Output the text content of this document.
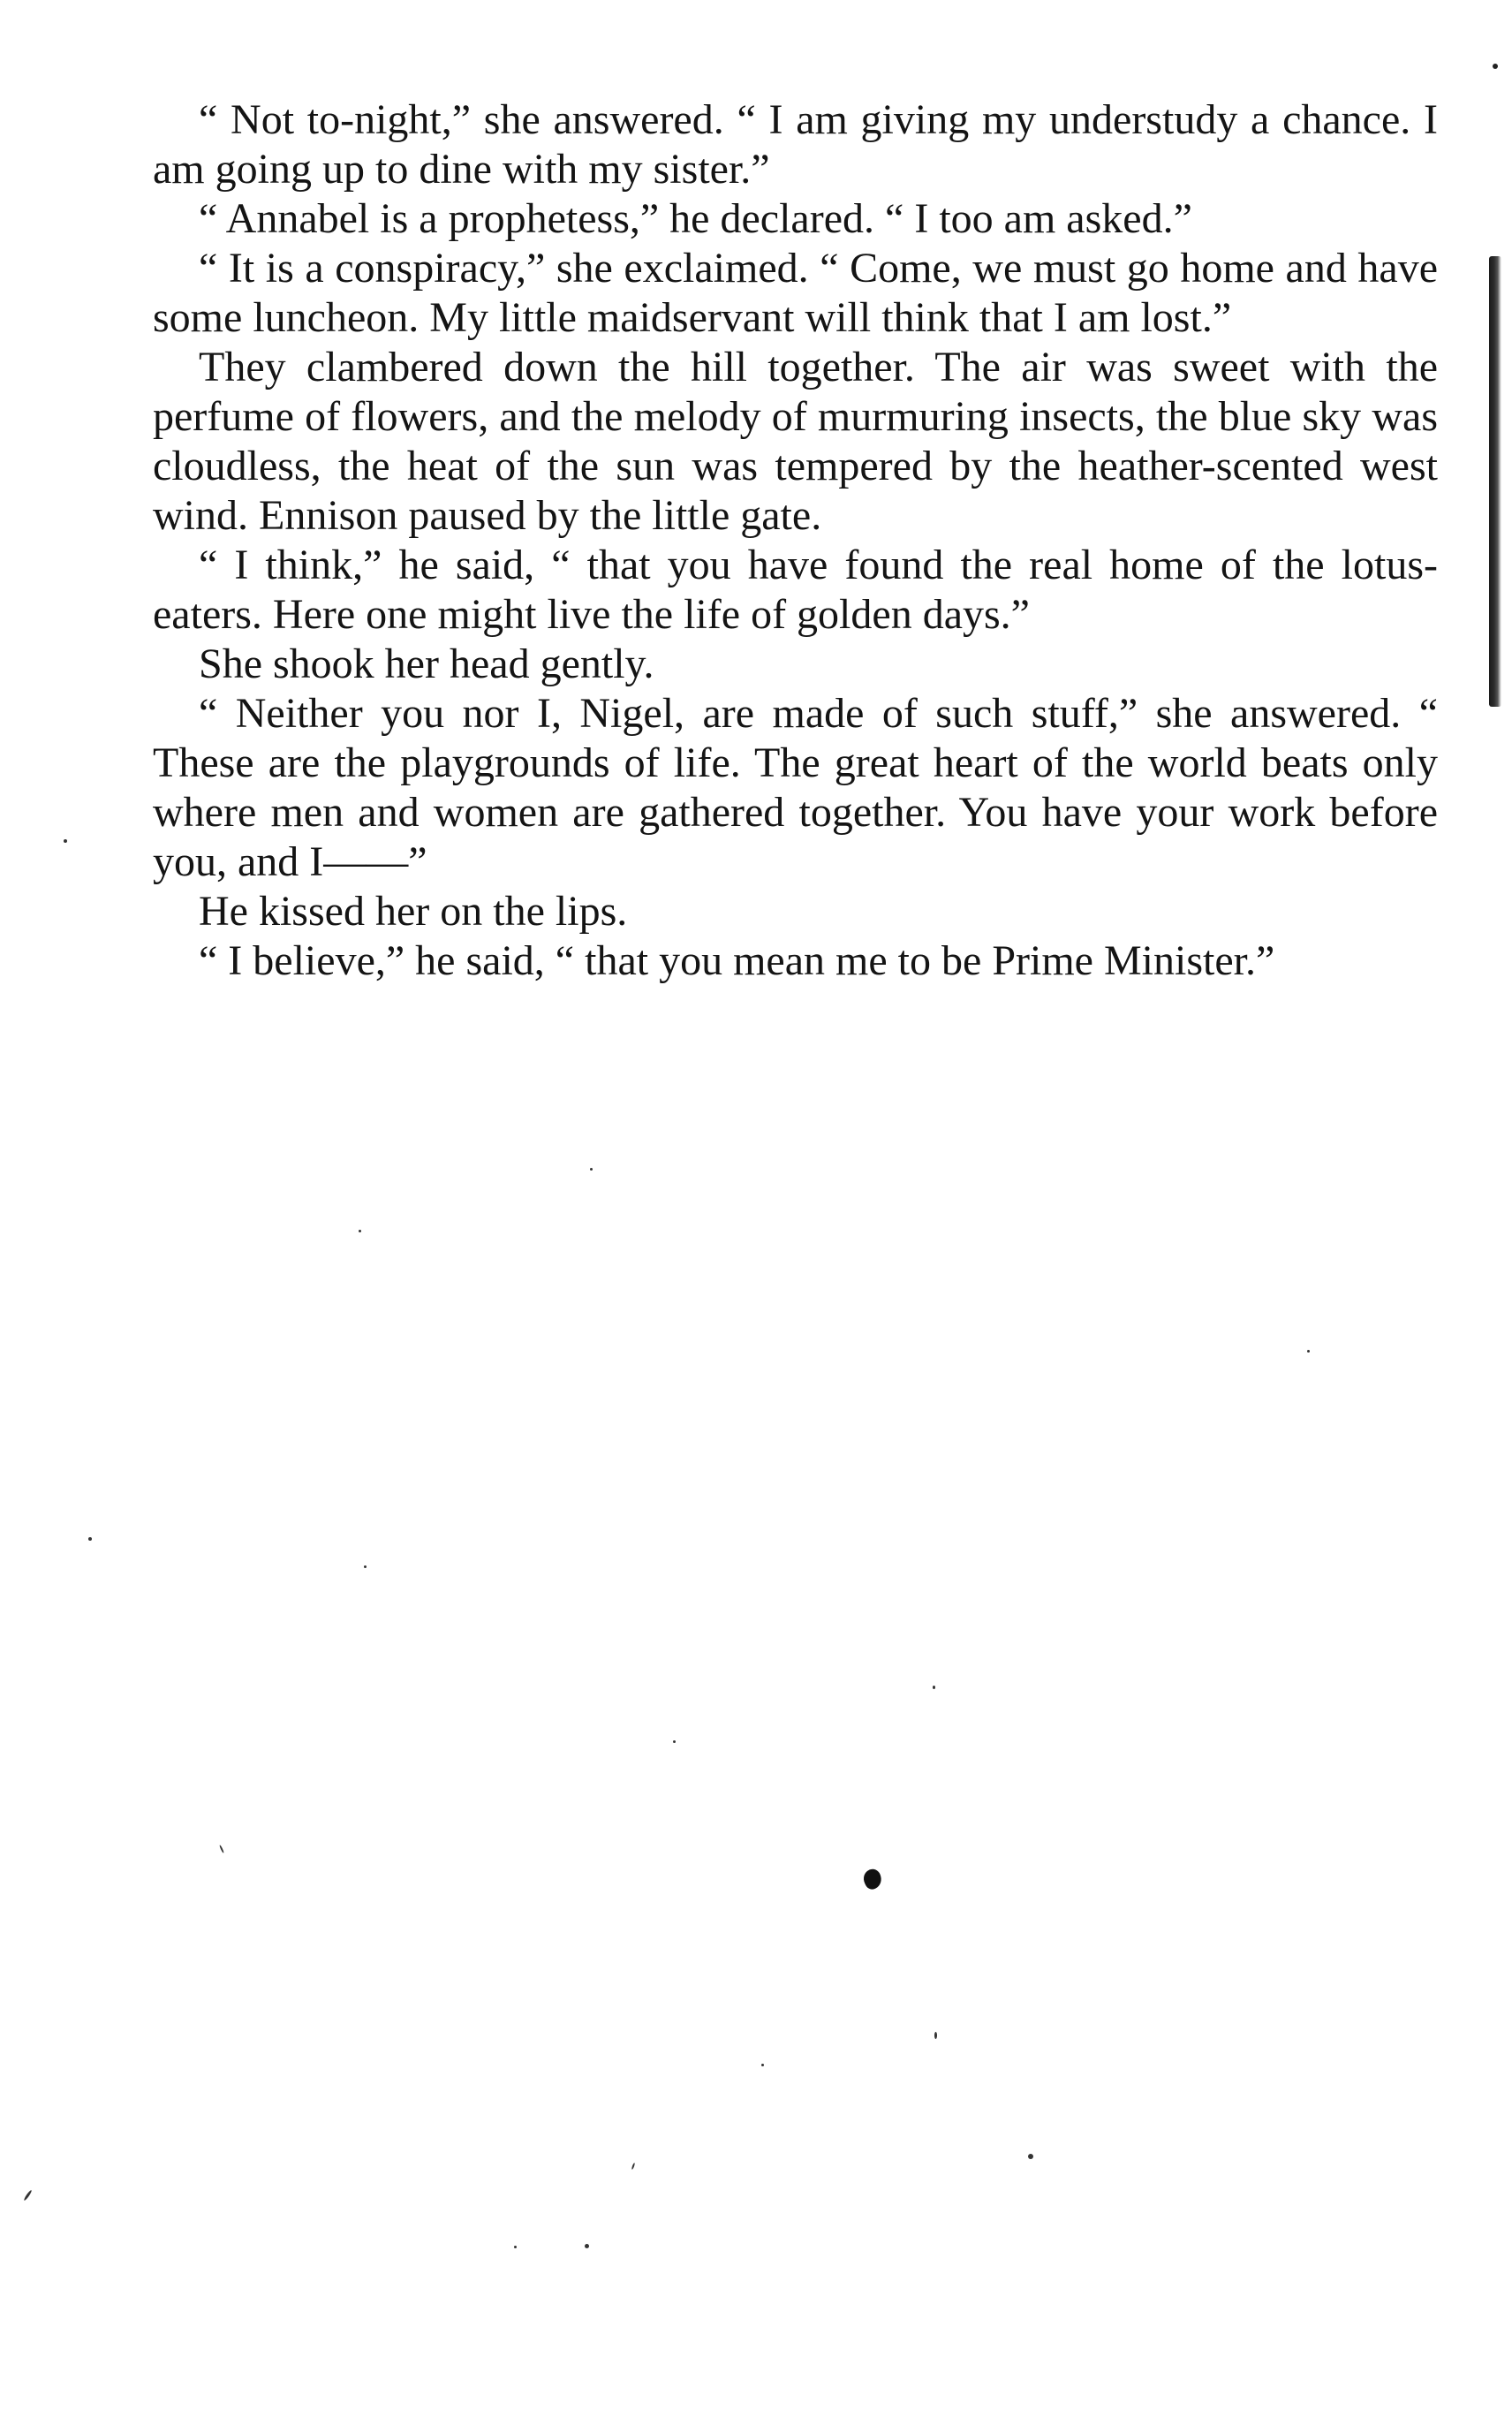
“ Not to-night,” she answered. “ I am giving my understudy a chance. I am going up to dine with my sister.”

“ Annabel is a prophetess,” he declared. “ I too am asked.”

“ It is a conspiracy,” she exclaimed. “ Come, we must go home and have some luncheon. My little maidservant will think that I am lost.”

They clambered down the hill together. The air was sweet with the perfume of flowers, and the melody of murmuring insects, the blue sky was cloudless, the heat of the sun was tempered by the heather-scented west wind. Ennison paused by the little gate.

“ I think,” he said, “ that you have found the real home of the lotus-eaters. Here one might live the life of golden days.”

She shook her head gently.

“ Neither you nor I, Nigel, are made of such stuff,” she answered. “ These are the playgrounds of life. The great heart of the world beats only where men and women are gathered together. You have your work before you, and I——”

He kissed her on the lips.

“ I believe,” he said, “ that you mean me to be Prime Minister.”
